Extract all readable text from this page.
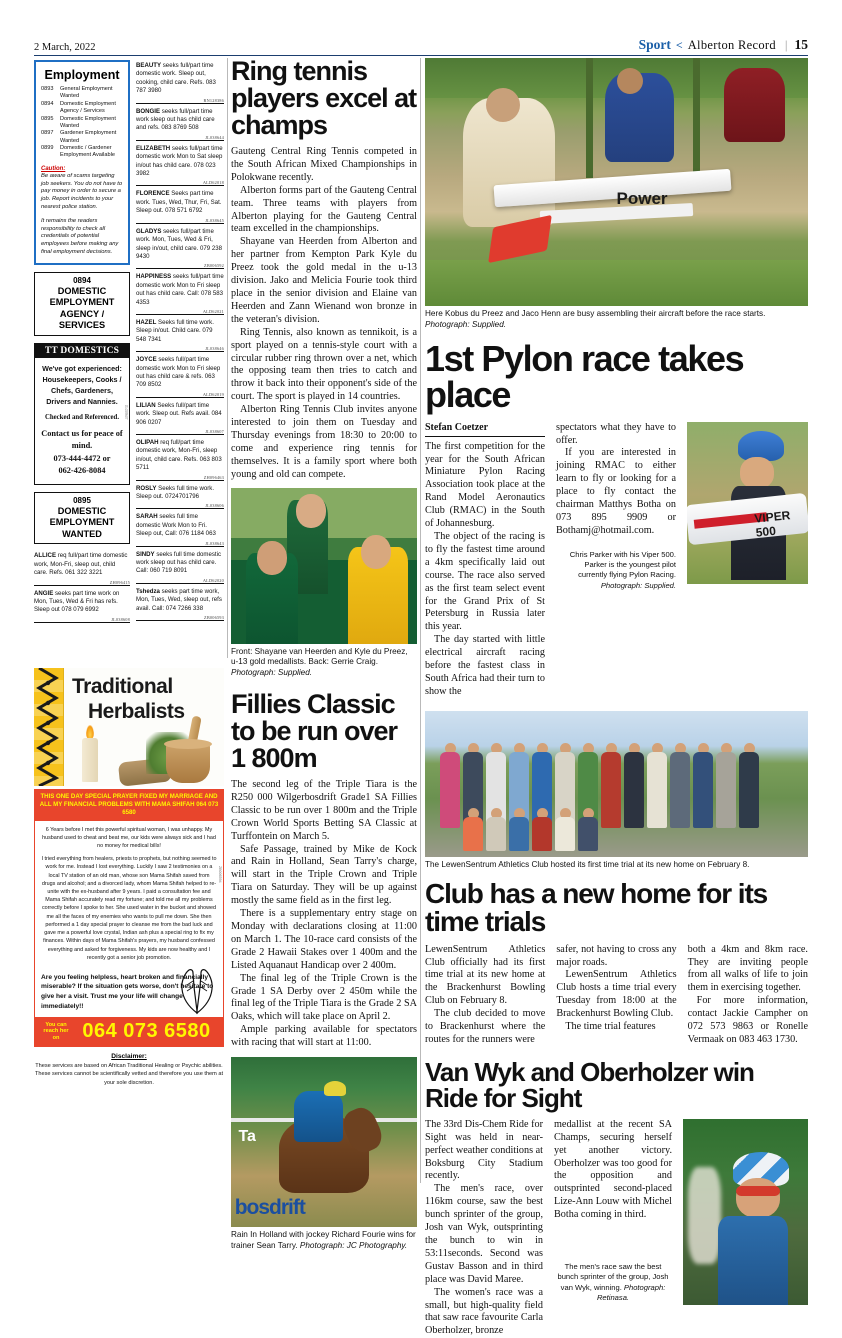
2 March, 2022	Sport < Alberton Record | 15
Employment
0893	General Employment Wanted
0894	Domestic Employment Agency / Services
0895	Domestic Employment Wanted
0897	Gardener Employment Wanted
0899	Domestic / Gardener Employment Available
Caution:
Be aware of scams targeting job seekers. You do not have to pay money in order to secure a job. Report incidents to your nearest police station.
It remains the readers responsibility to check all credentials of potential employees before making any final employment decisions.
0894
DOMESTIC
EMPLOYMENT
AGENCY / SERVICES
TT DOMESTICS
We've got experienced:
Housekeepers, Cooks / Chefs, Gardeners, Drivers and Nannies.
Checked and Referenced.
Contact us for peace of mind.
073-444-4472 or
062-426-8084
JL038607
0895
DOMESTIC
EMPLOYMENT
WANTED
ALLICE req full/part time domestic work, Mon-Fri, sleep out, child care. Refs. 061 322 3221
ZH096415
ANGIE seeks part time work on Mon, Tues, Wed & Fri has refs. Sleep out 078 079 6992
JL038608
BEAUTY seeks full/part time domestic work. Sleep out, cooking, child care. Refs. 083 787 3980
RN128386
BONGIE seeks full/part time work sleep out has child care and refs. 083 8769 508
JL038644
ELIZABETH seeks full/part time domestic work Mon to Sat sleep in/out has child care. 078 023 3982
ALD62018
FLORENCE Seeks part time work. Tues, Wed, Thur, Fri, Sat. Sleep out. 078 571 6792
JL038645
GLADYS seeks full/part time work. Mon, Tues, Wed & Fri, sleep in/out, child care. 079 238 9430
ZB006592
HAPPINESS seeks full/part time domestic work Mon to Fri sleep out has child care. Call: 078 583 4353
ALD62021
HAZEL Seeks full time work. Sleep in/out. Child care. 079 548 7341
JL038646
JOYCE seeks full/part time domestic work Mon to Fri sleep out has child care & refs. 063 709 8502
ALD62019
LILIAN Seeks full/part time work. Sleep out. Refs avail. 084 906 0207
JL038607
OLIPAH req full/part time domestic work, Mon-Fri, sleep in/out, child care. Refs. 063 803 5711
ZH096463
ROSLY Seeks full time work. Sleep out. 0724701796
JL038606
SARAH seeks full time domestic Work Mon to Fri. Sleep out, Call: 076 1184 063
JL038643
SINDY seeks full time domestic work sleep out has child care. Call: 060 719 8091
ALD62020
Tshedza seeks part time work, Mon, Tues, Wed, sleep out, refs avail. Call: 074 7266 338
ZB006593
Traditional
Herbalists
THIS ONE DAY SPECIAL PRAYER FIXED MY MARRIAGE AND ALL MY FINANCIAL PROBLEMS WITH MAMA SHIFAH 064 073 6580

6 Years before I met this powerful spiritual woman, I was unhappy. My husband used to cheat and beat me, our kids were always sick and I had no money for medical bills!

I tried everything from healers, priests to prophets, but nothing seemed to work for me. Instead I lost everything. Luckily I saw 2 testimonies on a local TV station of an old man, whose son Mama Shifah saved from drugs and alcohol; and a divorced lady, whom Mama Shifah helped to re-unite with the ex-husband after 9 years. I paid a consultation fee and Mama Shifah accurately read my fortune; and told me all my problems correctly before I spoke to her. She used water in the bucket and showed me all the faces of my enemies who wants to pull me down. She then performed a 1 day special prayer to cleanse me from the bad luck and gave me a powerful love crystal, Indian ash plus a special ring to fix my finances. Within days of Mama Shifah's prayers, my husband confessed everything and asked for forgiveness. My kids are now healthy and I recently got a senior job promotion.

ZB006594
Are you feeling helpless, heart broken and financially miserable? If the situation gets worse, don't hesitate to give her a visit. Trust me your life will change immediately!!
You can reach her on	064 073 6580
Disclaimer:
These services are based on African Traditional Healing or Psychic abilities. These services cannot be scientifically vetted and therefore you use them at your sole discretion.
Ring tennis players excel at champs

Gauteng Central Ring Tennis competed in the South African Mixed Championships in Polokwane recently.

Alberton forms part of the Gauteng Central team. Three teams with players from Alberton playing for the Gauteng Central team excelled in the championships.

Shayane van Heerden from Alberton and her partner from Kempton Park Kyle du Preez took the gold medal in the u-13 division. Jako and Melicia Fourie took third place in the senior division and Elaine van Heerden and Zann Wienand won bronze in the veteran's division.

Ring Tennis, also known as tennikoit, is a sport played on a tennis-style court with a circular rubber ring thrown over a net, which the opposing team then tries to catch and throw it back into their opponent's side of the court. The sport is played in 14 countries.

Alberton Ring Tennis Club invites anyone interested to join them on Tuesday and Thursday evenings from 18:30 to 20:00 to come and experience ring tennis for themselves. It is a family sport where both young and old can compete.

Front: Shayane van Heerden and Kyle du Preez, u-13 gold medallists. Back: Gerrie Craig. Photograph: Supplied.
Fillies Classic to be run over 1 800m

The second leg of the Triple Tiara is the R250 000 Wilgerbosdrift Grade1 SA Fillies Classic to be run over 1 800m and the Triple Crown World Sports Betting SA Classic at Turffontein on March 5.

Safe Passage, trained by Mike de Kock and Rain in Holland, Sean Tarry's charge, will start in the Triple Crown and Triple Tiara on Saturday. They will be up against mostly the same field as in the first leg.

There is a supplementary entry stage on Monday with declarations closing at 11:00 on March 1. The 10-race card consists of the Grade 2 Hawaii Stakes over 1 400m and the Listed Aquanaut Handicap over 2 400m.

The final leg of the Triple Crown is the Grade 1 SA Derby over 2 450m while the final leg of the Triple Tiara is the Grade 2 SA Oaks, which will take place on April 2.

Ample parking available for spectators with racing that will start at 11:00.

Ta
bosdrift
Rain In Holland with jockey Richard Fourie wins for trainer Sean Tarry. Photograph: JC Photography.
Power
Here Kobus du Preez and Jaco Henn are busy assembling their aircraft before the race starts. Photograph: Supplied.
1st Pylon race takes place
Stefan Coetzer

The first competition for the year for the South African Miniature Pylon Racing Association took place at the Rand Model Aeronautics Club (RMAC) in the South of Johannesburg.

The object of the racing is to fly the fastest time around a 4km specifically laid out course. The race also served as the first team select event for the Grand Prix of St Petersburg in Russia later this year.

The day started with little electrical aircraft racing before the fastest class in South Africa had their turn to show the

spectators what they have to offer.

If you are interested in joining RMAC to either learn to fly or looking for a place to fly contact the chairman Matthys Botha on 073 895 9909 or Bothamj@hotmail.com.

Chris Parker with his Viper 500. Parker is the youngest pilot currently flying Pylon Racing. Photograph: Supplied.
VIPER 500
The LewenSentrum Athletics Club hosted its first time trial at its new home on February 8.
Club has a new home for its time trials

LewenSentrum Athletics Club officially had its first time trial at its new home at the Brackenhurst Bowling Club on February 8.

The club decided to move to Brackenhurst where the routes for the runners were

safer, not having to cross any major roads.

LewenSentrum Athletics Club hosts a time trial every Tuesday from 18:00 at the Brackenhurst Bowling Club.

The time trial features

both a 4km and 8km race. They are inviting people from all walks of life to join them in exercising together.

For more information, contact Jackie Campher on 072 573 9863 or Ronelle Vermaak on 083 463 1730.

Van Wyk and Oberholzer win Ride for Sight

The 33rd Dis-Chem Ride for Sight was held in near-perfect weather conditions at Boksburg City Stadium recently.

The men's race, over 116km course, saw the best bunch sprinter of the group, Josh van Wyk, outsprinting the bunch to win in 53:11seconds. Second was Gustav Basson and in third place was David Maree.

The women's race was a small, but high-quality field that saw race favourite Carla Oberholzer, bronze

medallist at the recent SA Champs, securing herself yet another victory. Oberholzer was too good for the opposition and outsprinted second-placed Lize-Ann Louw with Michel Botha coming in third.

The men's race saw the best bunch sprinter of the group, Josh van Wyk, winning. Photograph: Retinasa.
